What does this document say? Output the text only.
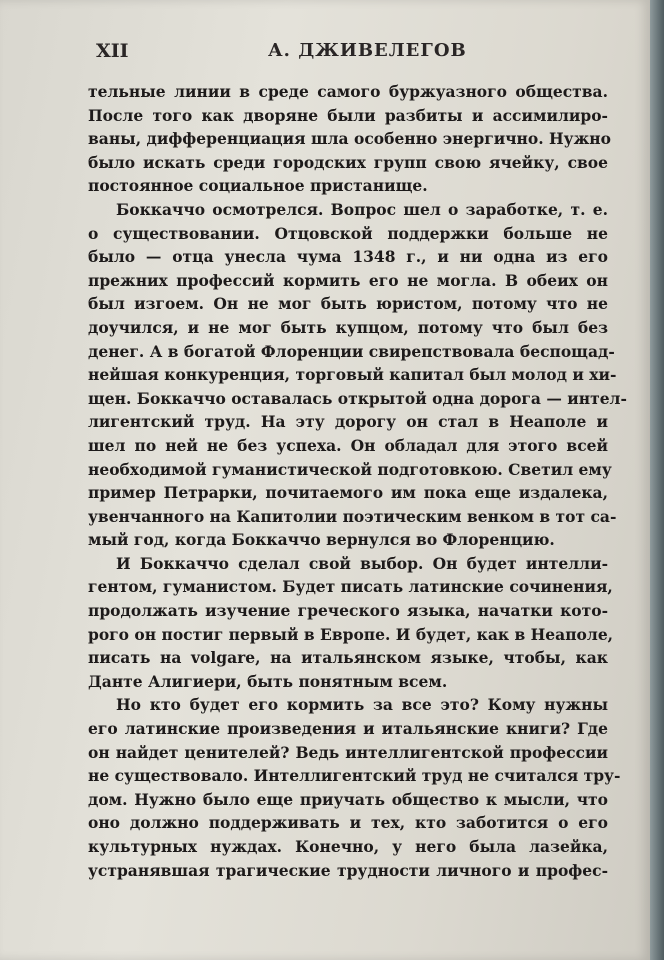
XII	А. ДЖИВЕЛЕГОВ
тельные линии в среде самого буржуазного общества.
После того как дворяне были разбиты и ассимилиро-
ваны, дифференциация шла особенно энергично. Нужно
было искать среди городских групп свою ячейку, свое
постоянное социальное пристанище.
Боккаччо осмотрелся. Вопрос шел о заработке, т. е.
о существовании. Отцовской поддержки больше не
было — отца унесла чума 1348 г., и ни одна из его
прежних профессий кормить его не могла. В обеих он
был изгоем. Он не мог быть юристом, потому что не
доучился, и не мог быть купцом, потому что был без
денег. А в богатой Флоренции свирепствовала беспощад-
нейшая конкуренция, торговый капитал был молод и хи-
щен. Боккаччо оставалась открытой одна дорога — интел-
лигентский труд. На эту дорогу он стал в Неаполе и
шел по ней не без успеха. Он обладал для этого всей
необходимой гуманистической подготовкою. Светил ему
пример Петрарки, почитаемого им пока еще издалека,
увенчанного на Капитолии поэтическим венком в тот са-
мый год, когда Боккаччо вернулся во Флоренцию.
И Боккаччо сделал свой выбор. Он будет интелли-
гентом, гуманистом. Будет писать латинские сочинения,
продолжать изучение греческого языка, начатки кото-
рого он постиг первый в Европе. И будет, как в Неаполе,
писать на volgare, на итальянском языке, чтобы, как
Данте Алигиери, быть понятным всем.
Но кто будет его кормить за все это? Кому нужны
его латинские произведения и итальянские книги? Где
он найдет ценителей? Ведь интеллигентской профессии
не существовало. Интеллигентский труд не считался тру-
дом. Нужно было еще приучать общество к мысли, что
оно должно поддерживать и тех, кто заботится о его
культурных нуждах. Конечно, у него была лазейка,
устранявшая трагические трудности личного и профес-
